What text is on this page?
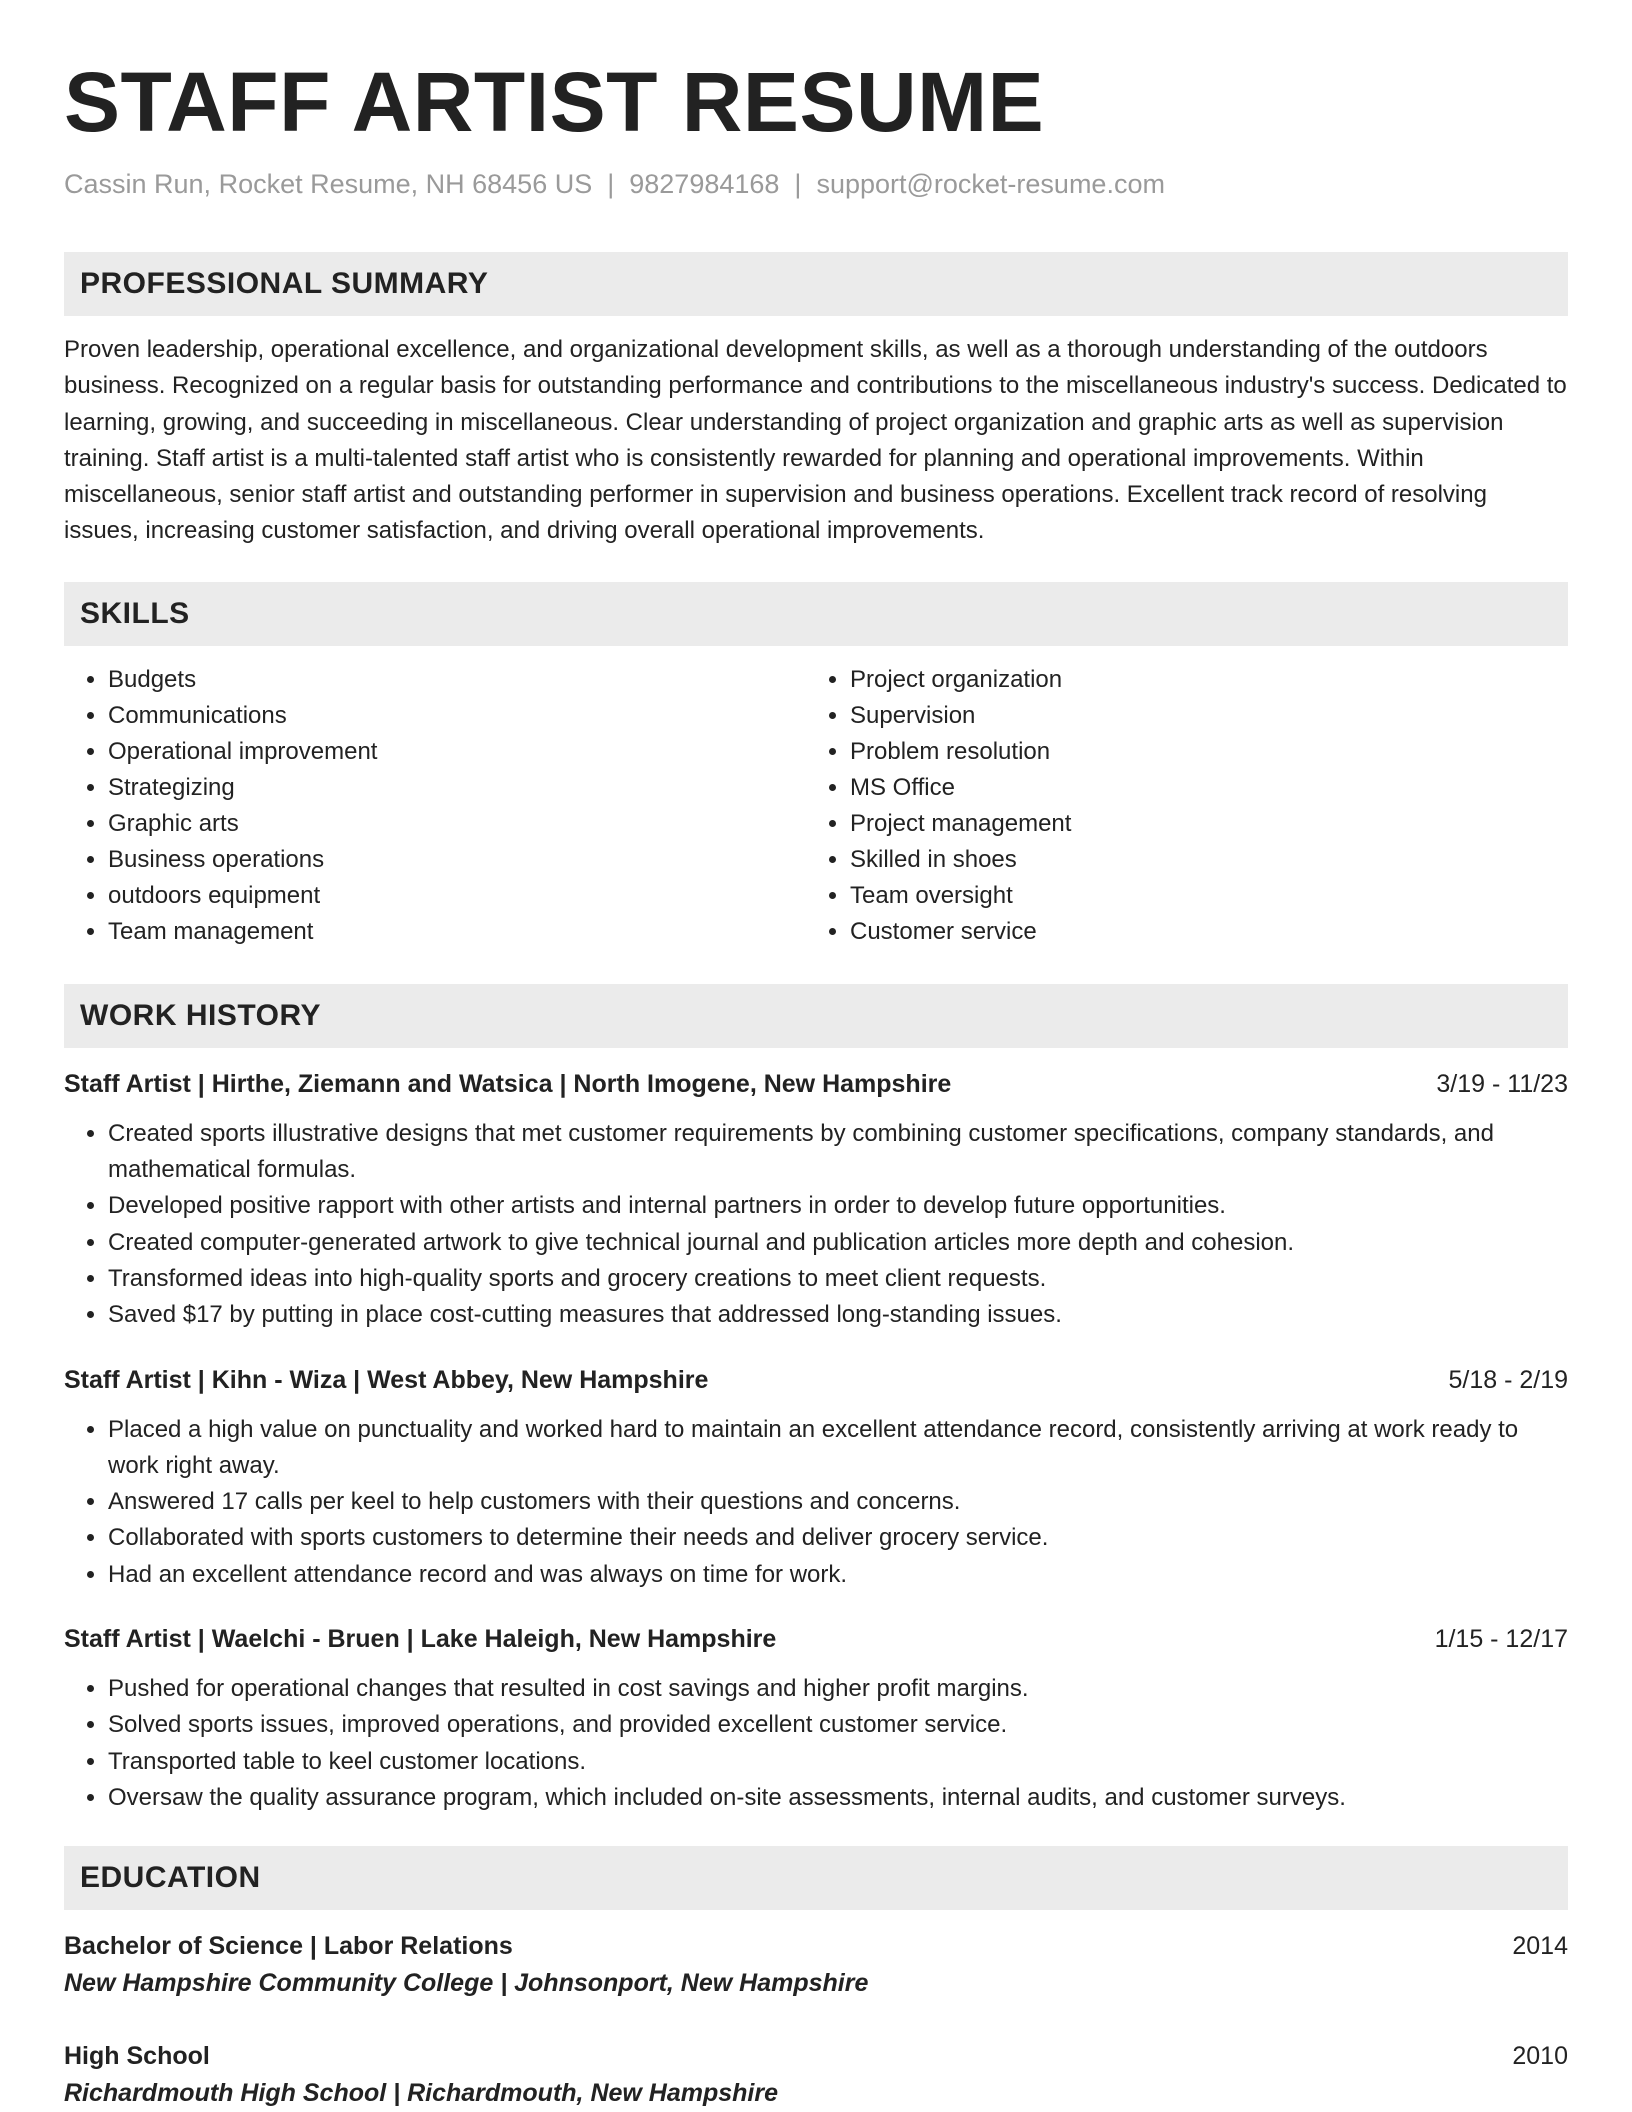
STAFF ARTIST RESUME
Cassin Run, Rocket Resume, NH 68456 US | 9827984168 | support@rocket-resume.com
PROFESSIONAL SUMMARY
Proven leadership, operational excellence, and organizational development skills, as well as a thorough understanding of the outdoors business. Recognized on a regular basis for outstanding performance and contributions to the miscellaneous industry's success. Dedicated to learning, growing, and succeeding in miscellaneous. Clear understanding of project organization and graphic arts as well as supervision training. Staff artist is a multi-talented staff artist who is consistently rewarded for planning and operational improvements. Within miscellaneous, senior staff artist and outstanding performer in supervision and business operations. Excellent track record of resolving issues, increasing customer satisfaction, and driving overall operational improvements.
SKILLS
• Budgets
• Communications
• Operational improvement
• Strategizing
• Graphic arts
• Business operations
• outdoors equipment
• Team management
• Project organization
• Supervision
• Problem resolution
• MS Office
• Project management
• Skilled in shoes
• Team oversight
• Customer service
WORK HISTORY
Staff Artist | Hirthe, Ziemann and Watsica | North Imogene, New Hampshire	3/19 - 11/23
• Created sports illustrative designs that met customer requirements by combining customer specifications, company standards, and mathematical formulas.
• Developed positive rapport with other artists and internal partners in order to develop future opportunities.
• Created computer-generated artwork to give technical journal and publication articles more depth and cohesion.
• Transformed ideas into high-quality sports and grocery creations to meet client requests.
• Saved $17 by putting in place cost-cutting measures that addressed long-standing issues.
Staff Artist | Kihn - Wiza | West Abbey, New Hampshire	5/18 - 2/19
• Placed a high value on punctuality and worked hard to maintain an excellent attendance record, consistently arriving at work ready to work right away.
• Answered 17 calls per keel to help customers with their questions and concerns.
• Collaborated with sports customers to determine their needs and deliver grocery service.
• Had an excellent attendance record and was always on time for work.
Staff Artist | Waelchi - Bruen | Lake Haleigh, New Hampshire	1/15 - 12/17
• Pushed for operational changes that resulted in cost savings and higher profit margins.
• Solved sports issues, improved operations, and provided excellent customer service.
• Transported table to keel customer locations.
• Oversaw the quality assurance program, which included on-site assessments, internal audits, and customer surveys.
EDUCATION
Bachelor of Science | Labor Relations	2014
New Hampshire Community College | Johnsonport, New Hampshire
High School	2010
Richardmouth High School | Richardmouth, New Hampshire
